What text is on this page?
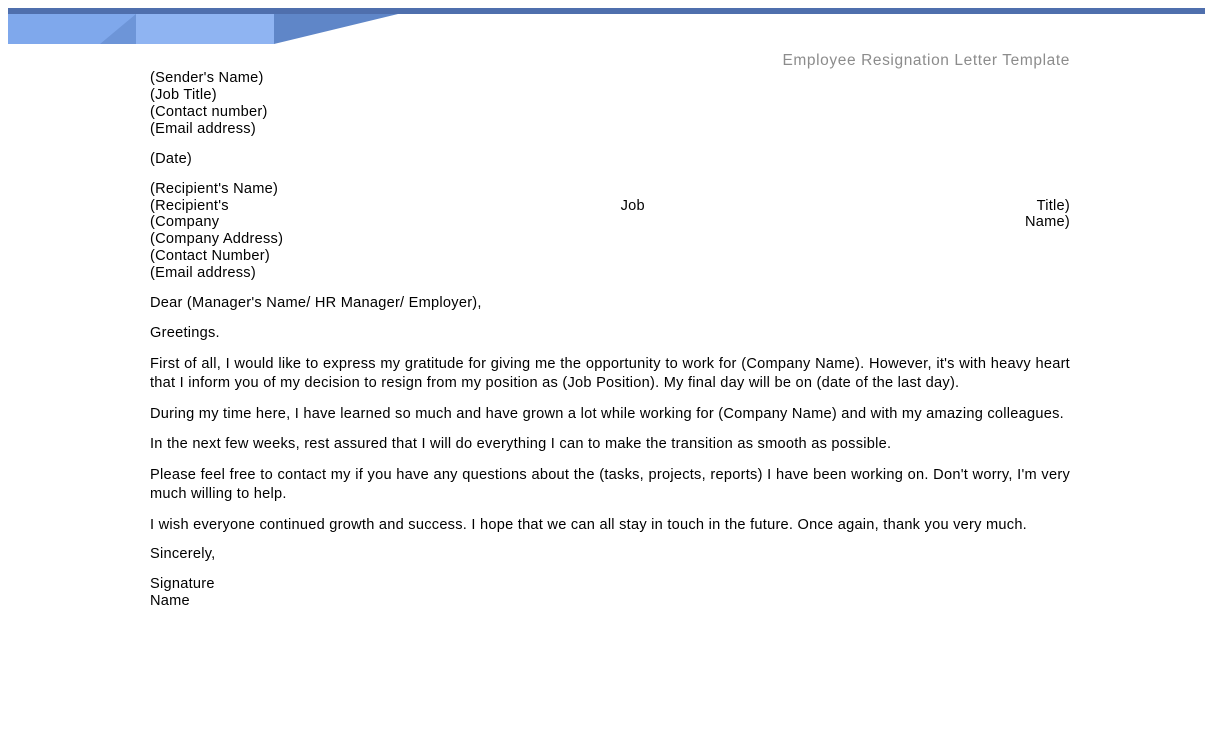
Employee Resignation Letter Template
(Sender's Name)
(Job Title)
(Contact number)
(Email address)
(Date)
(Recipient's Name)
(Recipient's	Job	Title)
(Company	Name)
(Company Address)
(Contact Number)
(Email address)
Dear (Manager's Name/ HR Manager/ Employer),
Greetings.

First of all, I would like to express my gratitude for giving me the opportunity to work for (Company Name). However, it's with heavy heart that I inform you of my decision to resign from my position as (Job Position). My final day will be on (date of the last day).

During my time here, I have learned so much and have grown a lot while working for (Company Name) and with my amazing colleagues.

In the next few weeks, rest assured that I will do everything I can to make the transition as smooth as possible.

Please feel free to contact my if you have any questions about the (tasks, projects, reports) I have been working on. Don't worry, I'm very much willing to help.

I wish everyone continued growth and success. I hope that we can all stay in touch in the future. Once again, thank you very much.

Sincerely,
Signature
Name
